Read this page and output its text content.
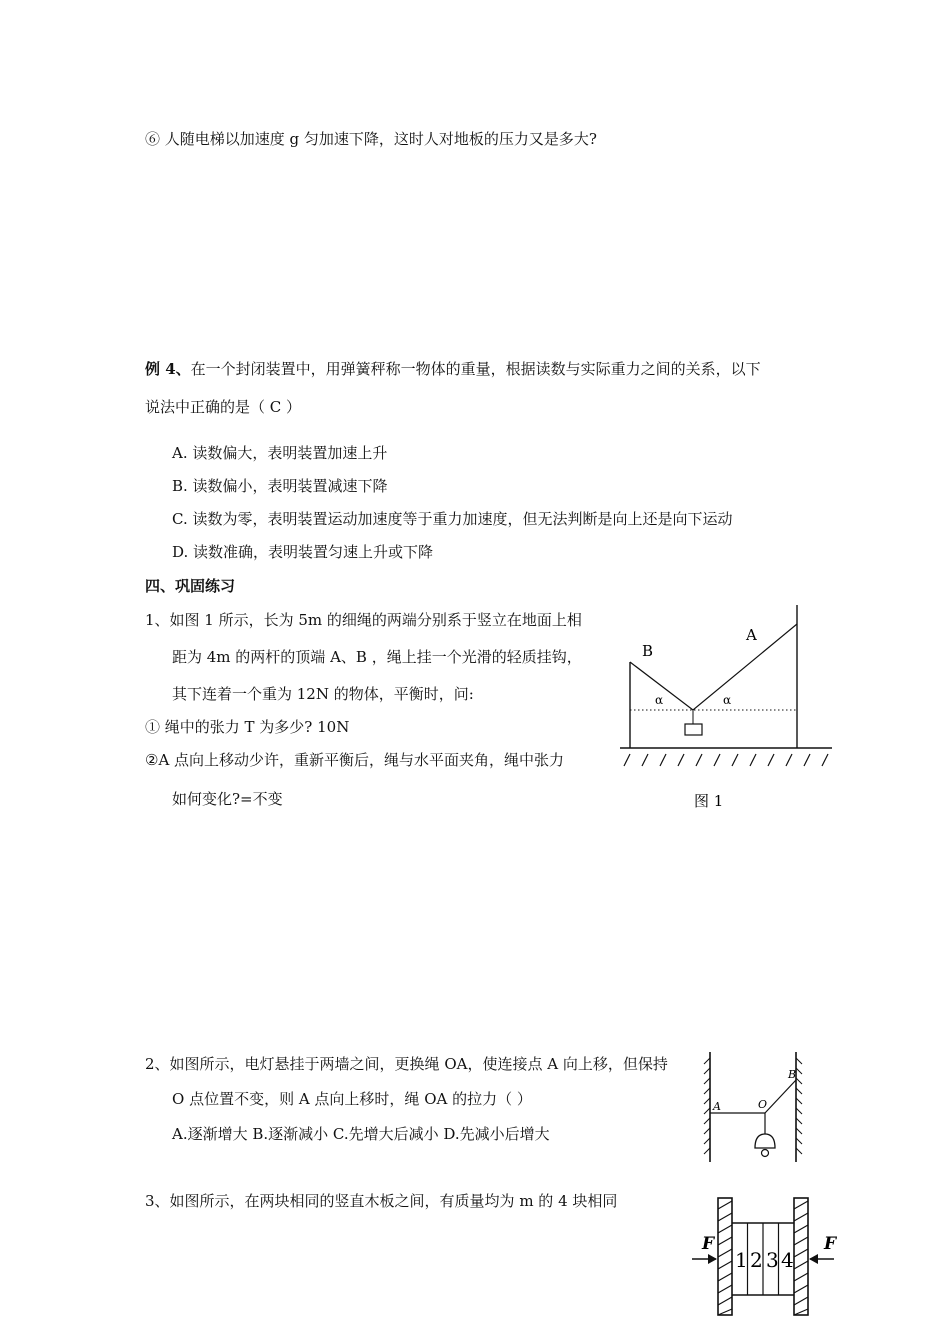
⑥ 人随电梯以加速度 g 匀加速下降，这时人对地板的压力又是多大?
例 4、在一个封闭装置中，用弹簧秤称一物体的重量，根据读数与实际重力之间的关系，以下
说法中正确的是（ C ）
A. 读数偏大，表明装置加速上升
B. 读数偏小，表明装置减速下降
C. 读数为零，表明装置运动加速度等于重力加速度，但无法判断是向上还是向下运动
D. 读数准确，表明装置匀速上升或下降
四、巩固练习
1、如图 1 所示，长为 5m 的细绳的两端分别系于竖立在地面上相
距为 4m 的两杆的顶端 A、B ，绳上挂一个光滑的轻质挂钩，
其下连着一个重为 12N 的物体，平衡时，问:
① 绳中的张力 T 为多少? 10N
②A 点向上移动少许，重新平衡后，绳与水平面夹角，绳中张力
如何变化?=不变
B
A
α	α
图 1
2、如图所示，电灯悬挂于两墙之间，更换绳 OA，使连接点 A 向上移，但保持
O 点位置不变，则 A 点向上移时，绳 OA 的拉力（ ）
A.逐渐增大 B.逐渐减小 C.先增大后减小 D.先减小后增大
A	O
B
3、如图所示，在两块相同的竖直木板之间，有质量均为 m 的 4 块相同
1 2 3 4
F	F
